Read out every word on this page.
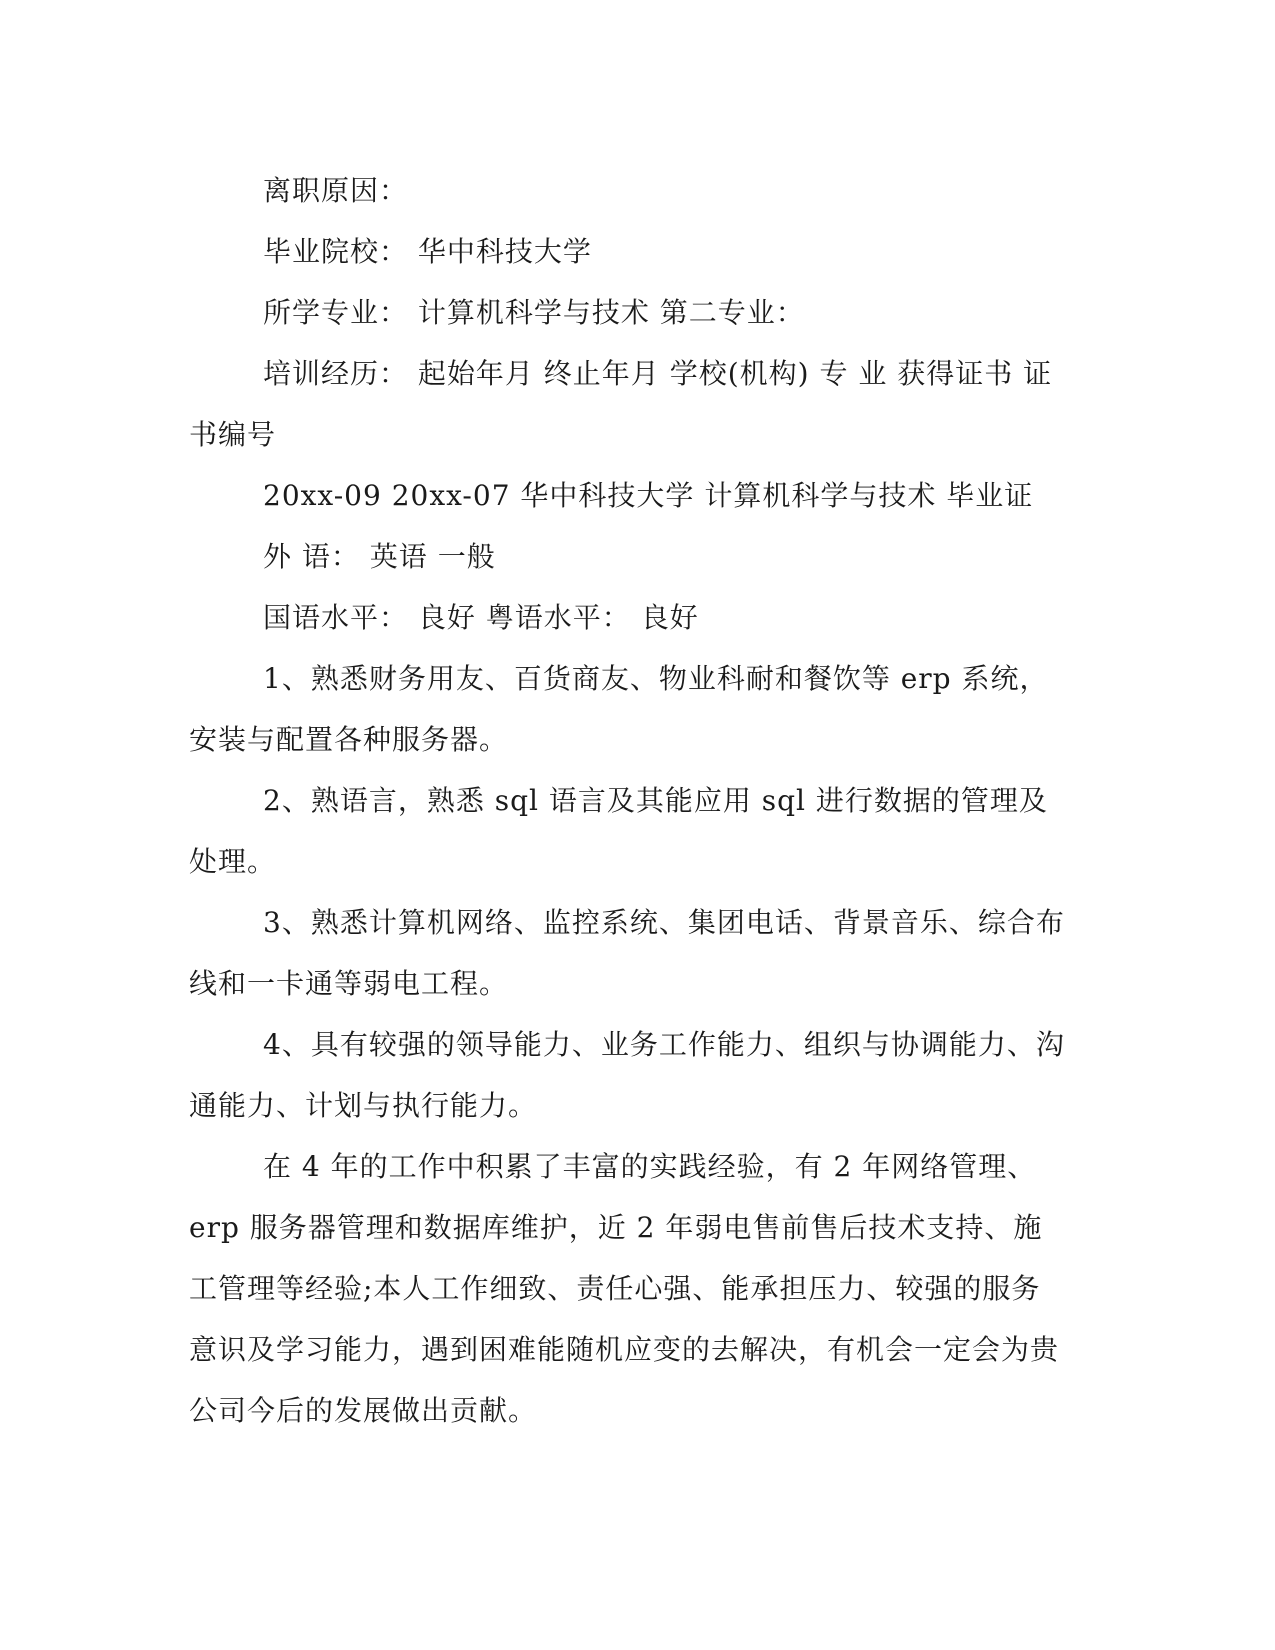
离职原因：

毕业院校： 华中科技大学

所学专业： 计算机科学与技术 第二专业：

培训经历： 起始年月 终止年月 学校(机构) 专 业 获得证书 证书编号

20xx-09 20xx-07 华中科技大学 计算机科学与技术 毕业证

外 语： 英语 一般

国语水平： 良好 粤语水平： 良好

1、熟悉财务用友、百货商友、物业科耐和餐饮等 erp 系统，安装与配置各种服务器。

2、熟语言，熟悉 sql 语言及其能应用 sql 进行数据的管理及处理。

3、熟悉计算机网络、监控系统、集团电话、背景音乐、综合布线和一卡通等弱电工程。

4、具有较强的领导能力、业务工作能力、组织与协调能力、沟通能力、计划与执行能力。

在 4 年的工作中积累了丰富的实践经验，有 2 年网络管理、erp 服务器管理和数据库维护，近 2 年弱电售前售后技术支持、施工管理等经验;本人工作细致、责任心强、能承担压力、较强的服务意识及学习能力，遇到困难能随机应变的去解决，有机会一定会为贵公司今后的发展做出贡献。
